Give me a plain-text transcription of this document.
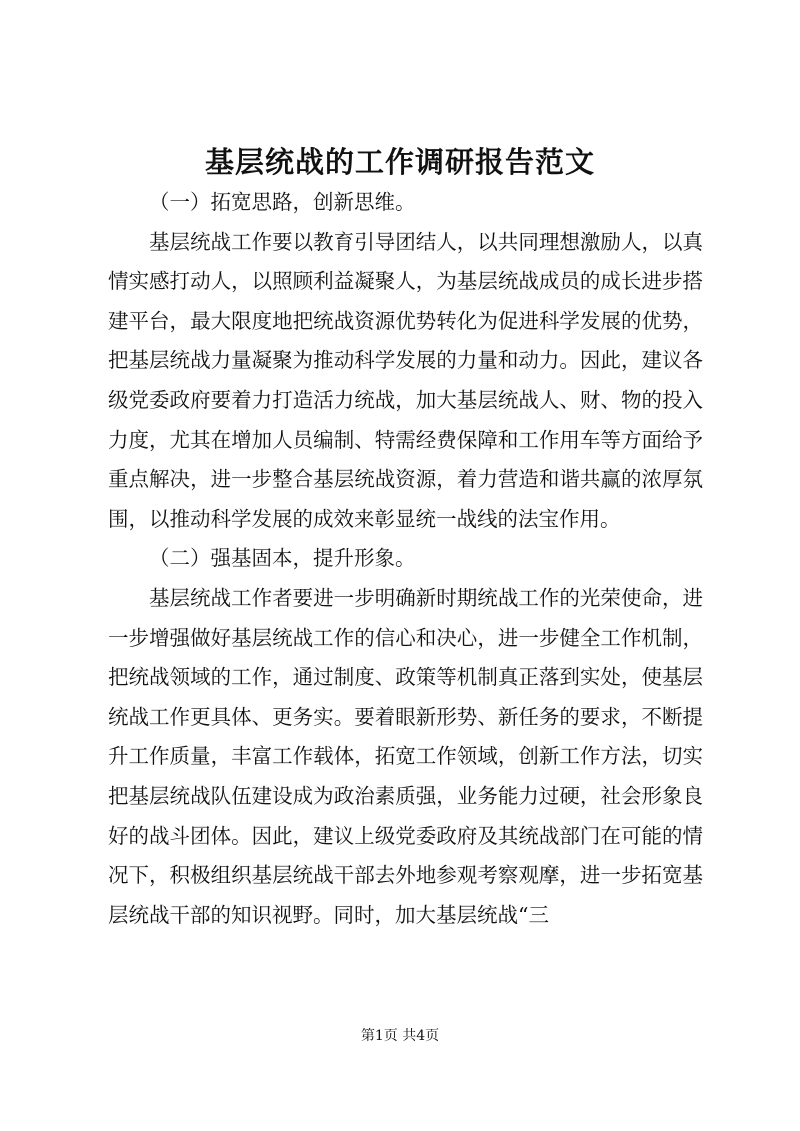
基层统战的工作调研报告范文

（一）拓宽思路，创新思维。

基层统战工作要以教育引导团结人，以共同理想激励人，以真情实感打动人，以照顾利益凝聚人，为基层统战成员的成长进步搭建平台，最大限度地把统战资源优势转化为促进科学发展的优势，把基层统战力量凝聚为推动科学发展的力量和动力。因此，建议各级党委政府要着力打造活力统战，加大基层统战人、财、物的投入力度，尤其在增加人员编制、特需经费保障和工作用车等方面给予重点解决，进一步整合基层统战资源，着力营造和谐共赢的浓厚氛围，以推动科学发展的成效来彰显统一战线的法宝作用。

（二）强基固本，提升形象。

基层统战工作者要进一步明确新时期统战工作的光荣使命，进一步增强做好基层统战工作的信心和决心，进一步健全工作机制，把统战领域的工作，通过制度、政策等机制真正落到实处，使基层统战工作更具体、更务实。要着眼新形势、新任务的要求，不断提升工作质量，丰富工作载体，拓宽工作领域，创新工作方法，切实把基层统战队伍建设成为政治素质强，业务能力过硬，社会形象良好的战斗团体。因此，建议上级党委政府及其统战部门在可能的情况下，积极组织基层统战干部去外地参观考察观摩，进一步拓宽基层统战干部的知识视野。同时，加大基层统战“三

第1页 共4页
